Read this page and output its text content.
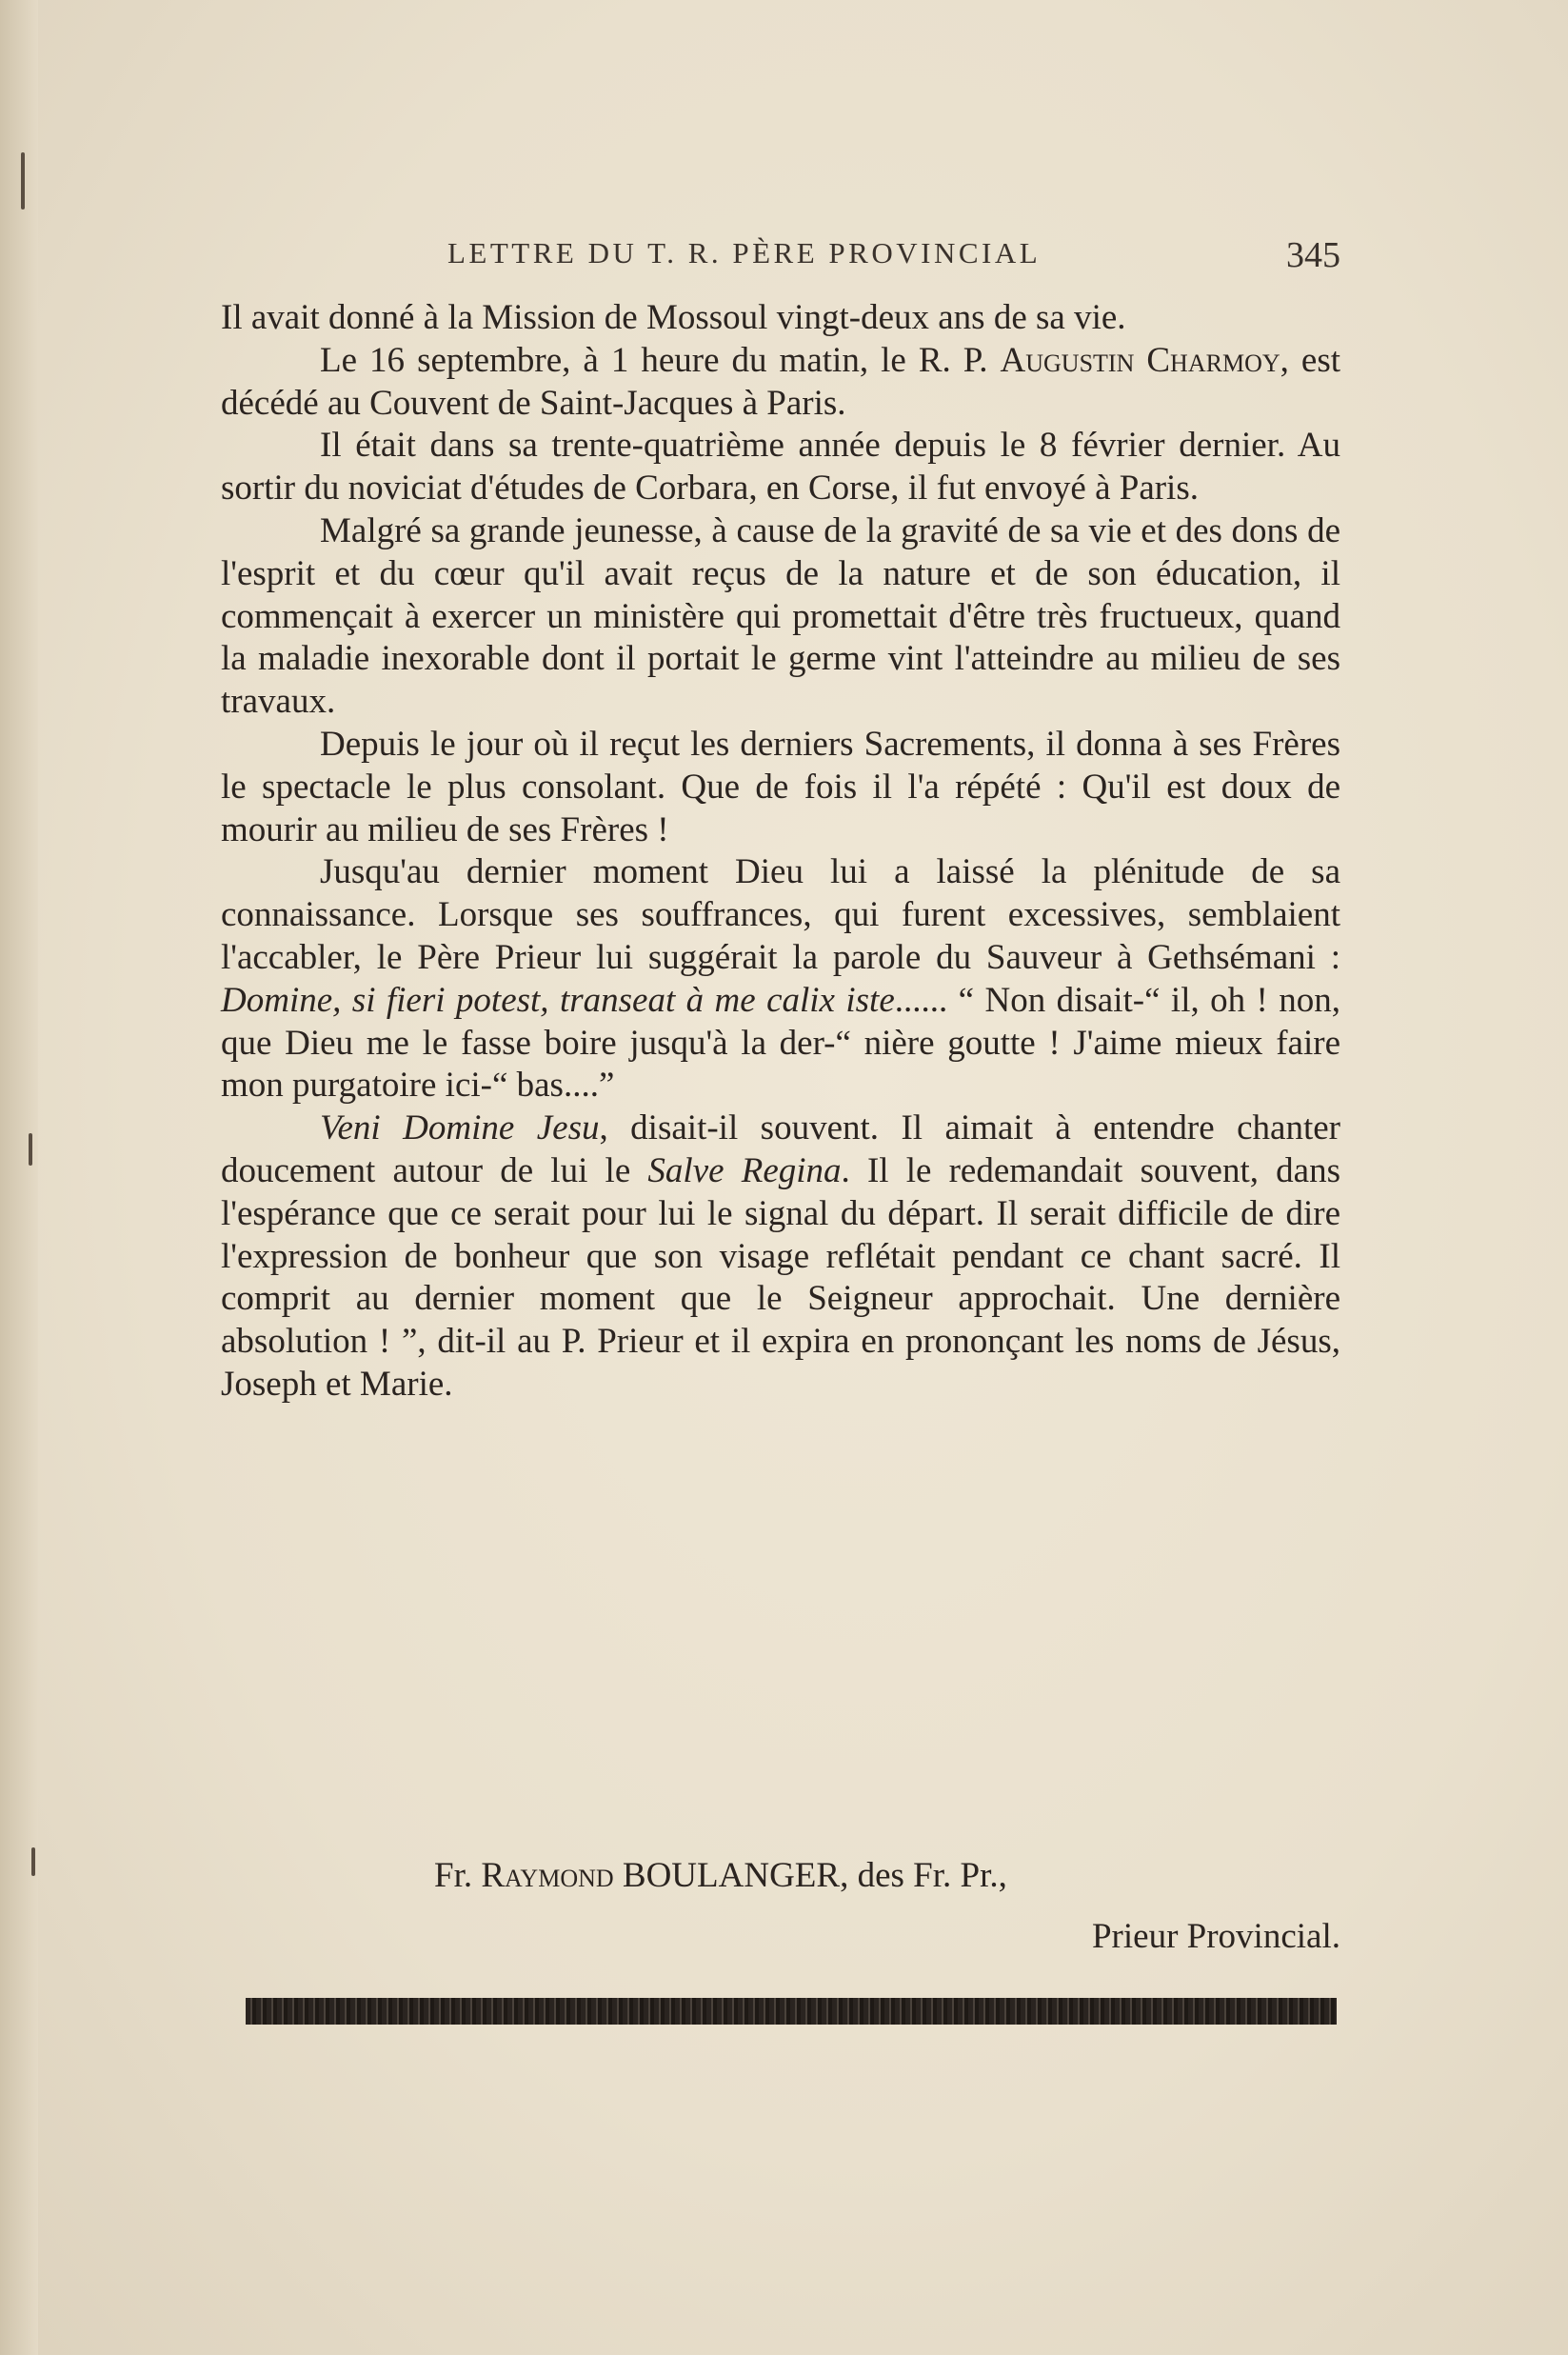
LETTRE DU T. R. PÈRE PROVINCIAL	345

Il avait donné à la Mission de Mossoul vingt-deux ans de sa vie.

Le 16 septembre, à 1 heure du matin, le R. P. Augustin Charmoy, est décédé au Couvent de Saint-Jacques à Paris.

Il était dans sa trente-quatrième année depuis le 8 février dernier. Au sortir du noviciat d'études de Corbara, en Corse, il fut envoyé à Paris.

Malgré sa grande jeunesse, à cause de la gravité de sa vie et des dons de l'esprit et du cœur qu'il avait reçus de la nature et de son éducation, il commençait à exercer un ministère qui promettait d'être très fructueux, quand la maladie inexorable dont il portait le germe vint l'atteindre au milieu de ses travaux.

Depuis le jour où il reçut les derniers Sacrements, il donna à ses Frères le spectacle le plus consolant. Que de fois il l'a répété : Qu'il est doux de mourir au milieu de ses Frères !

Jusqu'au dernier moment Dieu lui a laissé la plénitude de sa connaissance. Lorsque ses souffrances, qui furent excessives, semblaient l'accabler, le Père Prieur lui suggérait la parole du Sauveur à Gethsémani : Domine, si fieri potest, transeat à me calix iste...... “ Non disait-“ il, oh ! non, que Dieu me le fasse boire jusqu'à la der-“ nière goutte ! J'aime mieux faire mon purgatoire ici-“ bas....”

Veni Domine Jesu, disait-il souvent. Il aimait à entendre chanter doucement autour de lui le Salve Regina. Il le redemandait souvent, dans l'espérance que ce serait pour lui le signal du départ. Il serait difficile de dire l'expression de bonheur que son visage reflétait pendant ce chant sacré. Il comprit au dernier moment que le Seigneur approchait. Une dernière absolution ! ”, dit-il au P. Prieur et il expira en prononçant les noms de Jésus, Joseph et Marie.

Fr. Raymond BOULANGER, des Fr. Pr.,
Prieur Provincial.
